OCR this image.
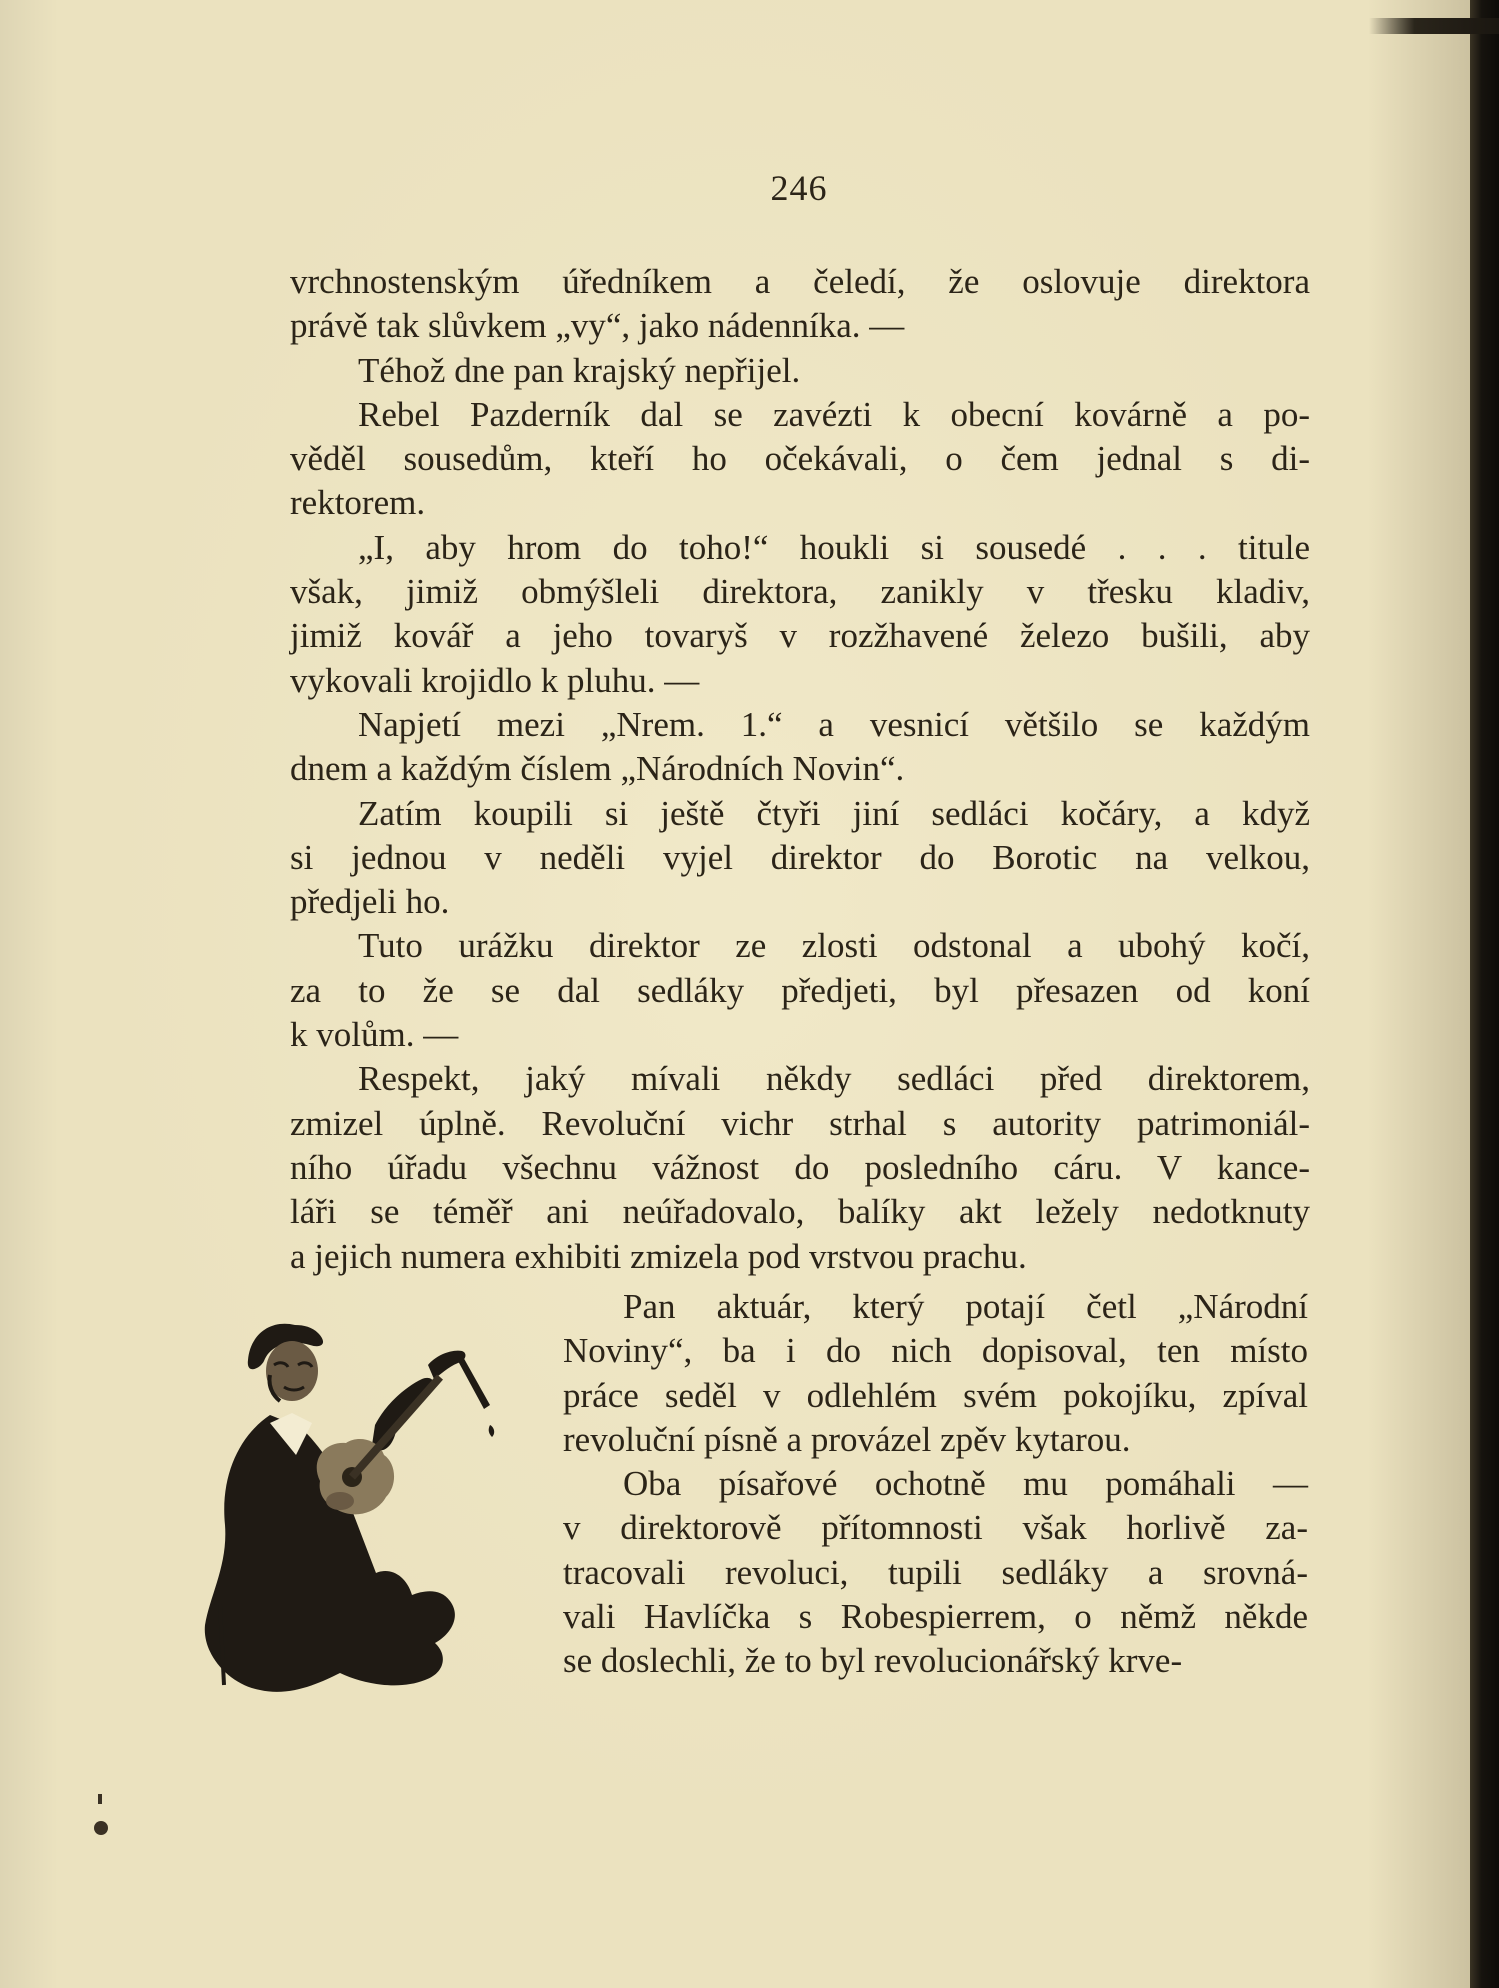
246
vrchnostenským úředníkem a čeledí, že oslovuje direktora
právě tak slůvkem „vy“, jako nádenníka. —
Téhož dne pan krajský nepřijel.
Rebel Pazderník dal se zavézti k obecní kovárně a po-
věděl sousedům, kteří ho očekávali, o čem jednal s di-
rektorem.
„I, aby hrom do toho!“ houkli si sousedé . . . titule
však, jimiž obmýšleli direktora, zanikly v třesku kladiv,
jimiž kovář a jeho tovaryš v rozžhavené železo bušili, aby
vykovali krojidlo k pluhu. —
Napjetí mezi „Nrem. 1.“ a vesnicí většilo se každým
dnem a každým číslem „Národních Novin“.
Zatím koupili si ještě čtyři jiní sedláci kočáry, a když
si jednou v neděli vyjel direktor do Borotic na velkou,
předjeli ho.
Tuto urážku direktor ze zlosti odstonal a ubohý kočí,
za to že se dal sedláky předjeti, byl přesazen od koní
k volům. —
Respekt, jaký mívali někdy sedláci před direktorem,
zmizel úplně. Revoluční vichr strhal s autority patrimoniál-
ního úřadu všechnu vážnost do posledního cáru. V kance-
láři se téměř ani neúřadovalo, balíky akt ležely nedotknuty
a jejich numera exhibiti zmizela pod vrstvou prachu.
Pan aktuár, který potají četl „Národní
Noviny“, ba i do nich dopisoval, ten místo
práce seděl v odlehlém svém pokojíku, zpíval
revoluční písně a provázel zpěv kytarou.
Oba písařové ochotně mu pomáhali —
v direktorově přítomnosti však horlivě za-
tracovali revoluci, tupili sedláky a srovná-
vali Havlíčka s Robespierrem, o němž někde
se doslechli, že to byl revolucionářský krve-
